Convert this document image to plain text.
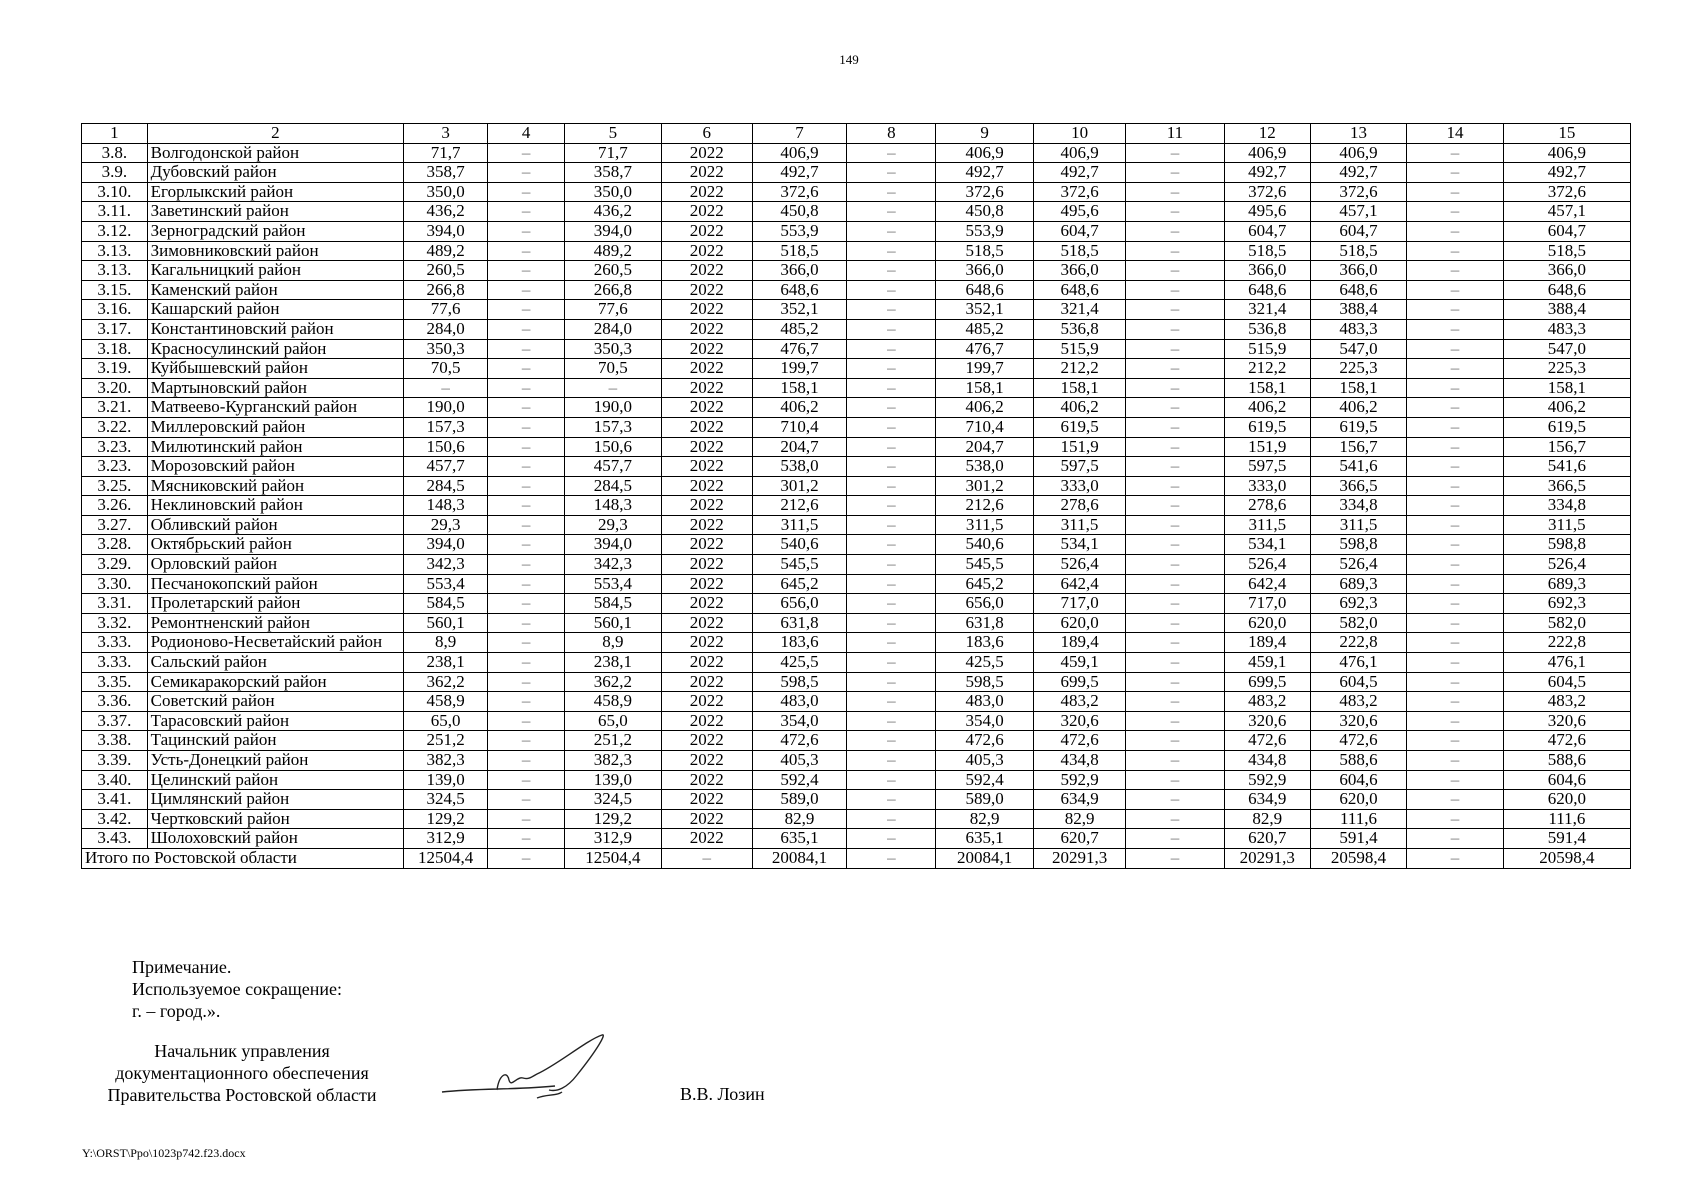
149
1	2	3	4	5	6	7	8	9	10	11	12	13	14	15
3.8.	Волгодонской район	71,7	–	71,7	2022	406,9	–	406,9	406,9	–	406,9	406,9	–	406,9
3.9.	Дубовский район	358,7	–	358,7	2022	492,7	–	492,7	492,7	–	492,7	492,7	–	492,7
3.10.	Егорлыкский район	350,0	–	350,0	2022	372,6	–	372,6	372,6	–	372,6	372,6	–	372,6
3.11.	Заветинский район	436,2	–	436,2	2022	450,8	–	450,8	495,6	–	495,6	457,1	–	457,1
3.12.	Зерноградский район	394,0	–	394,0	2022	553,9	–	553,9	604,7	–	604,7	604,7	–	604,7
3.13.	Зимовниковский район	489,2	–	489,2	2022	518,5	–	518,5	518,5	–	518,5	518,5	–	518,5
3.13.	Кагальницкий район	260,5	–	260,5	2022	366,0	–	366,0	366,0	–	366,0	366,0	–	366,0
3.15.	Каменский район	266,8	–	266,8	2022	648,6	–	648,6	648,6	–	648,6	648,6	–	648,6
3.16.	Кашарский район	77,6	–	77,6	2022	352,1	–	352,1	321,4	–	321,4	388,4	–	388,4
3.17.	Константиновский район	284,0	–	284,0	2022	485,2	–	485,2	536,8	–	536,8	483,3	–	483,3
3.18.	Красносулинский район	350,3	–	350,3	2022	476,7	–	476,7	515,9	–	515,9	547,0	–	547,0
3.19.	Куйбышевский район	70,5	–	70,5	2022	199,7	–	199,7	212,2	–	212,2	225,3	–	225,3
3.20.	Мартыновский район	–	–	–	2022	158,1	–	158,1	158,1	–	158,1	158,1	–	158,1
3.21.	Матвеево-Курганский район	190,0	–	190,0	2022	406,2	–	406,2	406,2	–	406,2	406,2	–	406,2
3.22.	Миллеровский район	157,3	–	157,3	2022	710,4	–	710,4	619,5	–	619,5	619,5	–	619,5
3.23.	Милютинский район	150,6	–	150,6	2022	204,7	–	204,7	151,9	–	151,9	156,7	–	156,7
3.23.	Морозовский район	457,7	–	457,7	2022	538,0	–	538,0	597,5	–	597,5	541,6	–	541,6
3.25.	Мясниковский район	284,5	–	284,5	2022	301,2	–	301,2	333,0	–	333,0	366,5	–	366,5
3.26.	Неклиновский район	148,3	–	148,3	2022	212,6	–	212,6	278,6	–	278,6	334,8	–	334,8
3.27.	Обливский район	29,3	–	29,3	2022	311,5	–	311,5	311,5	–	311,5	311,5	–	311,5
3.28.	Октябрьский район	394,0	–	394,0	2022	540,6	–	540,6	534,1	–	534,1	598,8	–	598,8
3.29.	Орловский район	342,3	–	342,3	2022	545,5	–	545,5	526,4	–	526,4	526,4	–	526,4
3.30.	Песчанокопский район	553,4	–	553,4	2022	645,2	–	645,2	642,4	–	642,4	689,3	–	689,3
3.31.	Пролетарский район	584,5	–	584,5	2022	656,0	–	656,0	717,0	–	717,0	692,3	–	692,3
3.32.	Ремонтненский район	560,1	–	560,1	2022	631,8	–	631,8	620,0	–	620,0	582,0	–	582,0
3.33.	Родионово-Несветайский район	8,9	–	8,9	2022	183,6	–	183,6	189,4	–	189,4	222,8	–	222,8
3.33.	Сальский район	238,1	–	238,1	2022	425,5	–	425,5	459,1	–	459,1	476,1	–	476,1
3.35.	Семикаракорский район	362,2	–	362,2	2022	598,5	–	598,5	699,5	–	699,5	604,5	–	604,5
3.36.	Советский район	458,9	–	458,9	2022	483,0	–	483,0	483,2	–	483,2	483,2	–	483,2
3.37.	Тарасовский район	65,0	–	65,0	2022	354,0	–	354,0	320,6	–	320,6	320,6	–	320,6
3.38.	Тацинский район	251,2	–	251,2	2022	472,6	–	472,6	472,6	–	472,6	472,6	–	472,6
3.39.	Усть-Донецкий район	382,3	–	382,3	2022	405,3	–	405,3	434,8	–	434,8	588,6	–	588,6
3.40.	Целинский район	139,0	–	139,0	2022	592,4	–	592,4	592,9	–	592,9	604,6	–	604,6
3.41.	Цимлянский район	324,5	–	324,5	2022	589,0	–	589,0	634,9	–	634,9	620,0	–	620,0
3.42.	Чертковский район	129,2	–	129,2	2022	82,9	–	82,9	82,9	–	82,9	111,6	–	111,6
3.43.	Шолоховский район	312,9	–	312,9	2022	635,1	–	635,1	620,7	–	620,7	591,4	–	591,4
Итого по Ростовской области		12504,4	–	12504,4	–	20084,1	–	20084,1	20291,3	–	20291,3	20598,4	–	20598,4
Примечание.
Используемое сокращение:
г. – город.».
Начальник управления
документационного обеспечения
Правительства Ростовской области	В.В. Лозин
Y:\ORST\Ppo\1023p742.f23.docx
